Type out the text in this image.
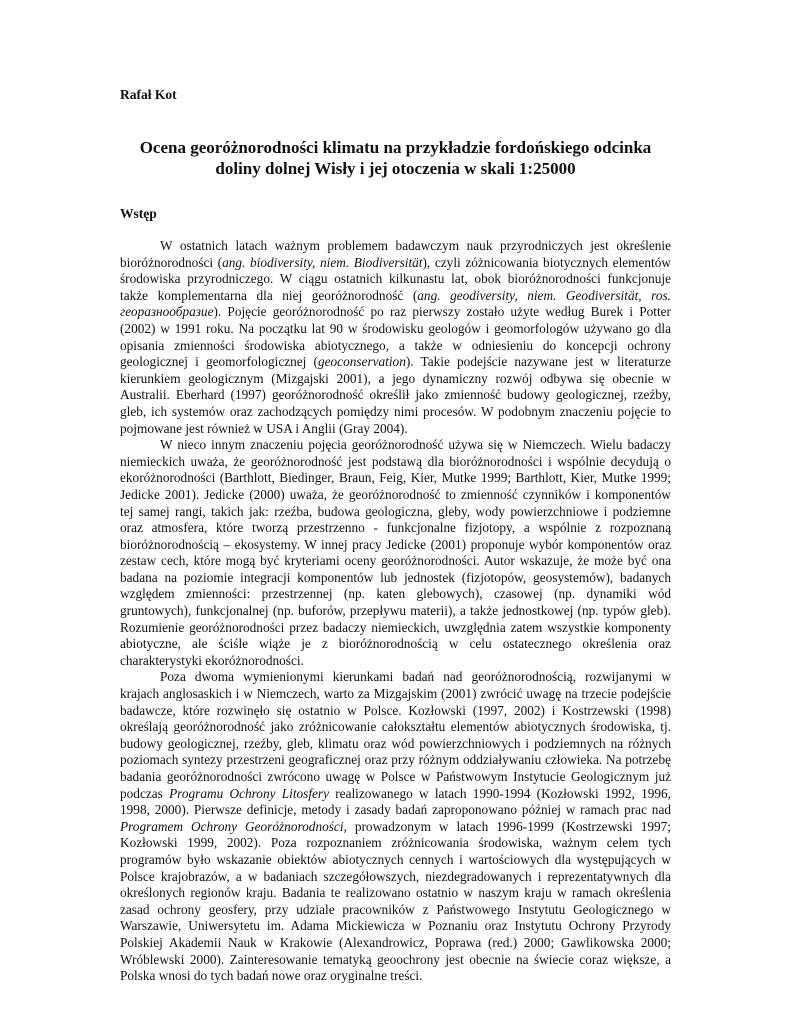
Rafał Kot
Ocena georóżnorodności klimatu na przykładzie fordońskiego odcinka
doliny dolnej Wisły i jej otoczenia w skali 1:25000
Wstęp
W ostatnich latach ważnym problemem badawczym nauk przyrodniczych jest określenie
bioróżnorodności (ang. biodiversity, niem. Biodiversität), czyli zóżnicowania biotycznych elementów
środowiska przyrodniczego. W ciągu ostatnich kilkunastu lat, obok bioróżnorodności funkcjonuje
także komplementarna dla niej georóżnorodność (ang. geodiversity, niem. Geodiversität, ros.
георазнообразие). Pojęcie georóżnorodność po raz pierwszy zostało użyte według Burek i Potter
(2002) w 1991 roku. Na początku lat 90 w środowisku geologów i geomorfologów używano go dla
opisania zmienności środowiska abiotycznego, a także w odniesieniu do koncepcji ochrony
geologicznej i geomorfologicznej (geoconservation). Takie podejście nazywane jest w literaturze
kierunkiem geologicznym (Mizgajski 2001), a jego dynamiczny rozwój odbywa się obecnie w
Australii. Eberhard (1997) georóżnorodność określił jako zmienność budowy geologicznej, rzeźby,
gleb, ich systemów oraz zachodzących pomiędzy nimi procesów. W podobnym znaczeniu pojęcie to
pojmowane jest również w USA i Anglii (Gray 2004).
W nieco innym znaczeniu pojęcia georóżnorodność używa się w Niemczech. Wielu badaczy
niemieckich uważa, że georóżnorodność jest podstawą dla bioróżnorodności i wspólnie decydują o
ekoróżnorodności (Barthlott, Biedinger, Braun, Feig, Kier, Mutke 1999; Barthlott, Kier, Mutke 1999;
Jedicke 2001). Jedicke (2000) uważa, że georóżnorodność to zmienność czynników i komponentów
tej samej rangi, takich jak: rzeźba, budowa geologiczna, gleby, wody powierzchniowe i podziemne
oraz atmosfera, które tworzą przestrzenno - funkcjonalne fizjotopy, a wspólnie z rozpoznaną
bioróżnorodnością – ekosystemy. W innej pracy Jedicke (2001) proponuje wybór komponentów oraz
zestaw cech, które mogą być kryteriami oceny georóżnorodności. Autor wskazuje, że może być ona
badana na poziomie integracji komponentów lub jednostek (fizjotopów, geosystemów), badanych
względem zmienności: przestrzennej (np. katen glebowych), czasowej (np. dynamiki wód
gruntowych), funkcjonalnej (np. buforów, przepływu materii), a także jednostkowej (np. typów gleb).
Rozumienie georóżnorodności przez badaczy niemieckich, uwzględnia zatem wszystkie komponenty
abiotyczne, ale ściśle wiąże je z bioróżnorodnością w celu ostatecznego określenia oraz
charakterystyki ekoróżnorodności.
Poza dwoma wymienionymi kierunkami badań nad georóżnorodnością, rozwijanymi w
krajach anglosaskich i w Niemczech, warto za Mizgajskim (2001) zwrócić uwagę na trzecie podejście
badawcze, które rozwinęło się ostatnio w Polsce. Kozłowski (1997, 2002) i Kostrzewski (1998)
określają georóżnorodność jako zróżnicowanie całokształtu elementów abiotycznych środowiska, tj.
budowy geologicznej, rzeźby, gleb, klimatu oraz wód powierzchniowych i podziemnych na różnych
poziomach syntezy przestrzeni geograficznej oraz przy różnym oddziaływaniu człowieka. Na potrzebę
badania georóżnorodności zwrócono uwagę w Polsce w Państwowym Instytucie Geologicznym już
podczas Programu Ochrony Litosfery realizowanego w latach 1990-1994 (Kozłowski 1992, 1996,
1998, 2000). Pierwsze definicje, metody i zasady badań zaproponowano później w ramach prac nad
Programem Ochrony Georóżnorodności, prowadzonym w latach 1996-1999 (Kostrzewski 1997;
Kozłowski 1999, 2002). Poza rozpoznaniem zróżnicowania środowiska, ważnym celem tych
programów było wskazanie obiektów abiotycznych cennych i wartościowych dla występujących w
Polsce krajobrazów, a w badaniach szczegółowszych, niezdegradowanych i reprezentatywnych dla
określonych regionów kraju. Badania te realizowano ostatnio w naszym kraju w ramach określenia
zasad ochrony geosfery, przy udziale pracowników z Państwowego Instytutu Geologicznego w
Warszawie, Uniwersytetu im. Adama Mickiewicza w Poznaniu oraz Instytutu Ochrony Przyrody
Polskiej Akademii Nauk w Krakowie (Alexandrowicz, Poprawa (red.) 2000; Gawlikowska 2000;
Wróblewski 2000). Zainteresowanie tematyką geoochrony jest obecnie na świecie coraz większe, a
Polska wnosi do tych badań nowe oraz oryginalne treści.
